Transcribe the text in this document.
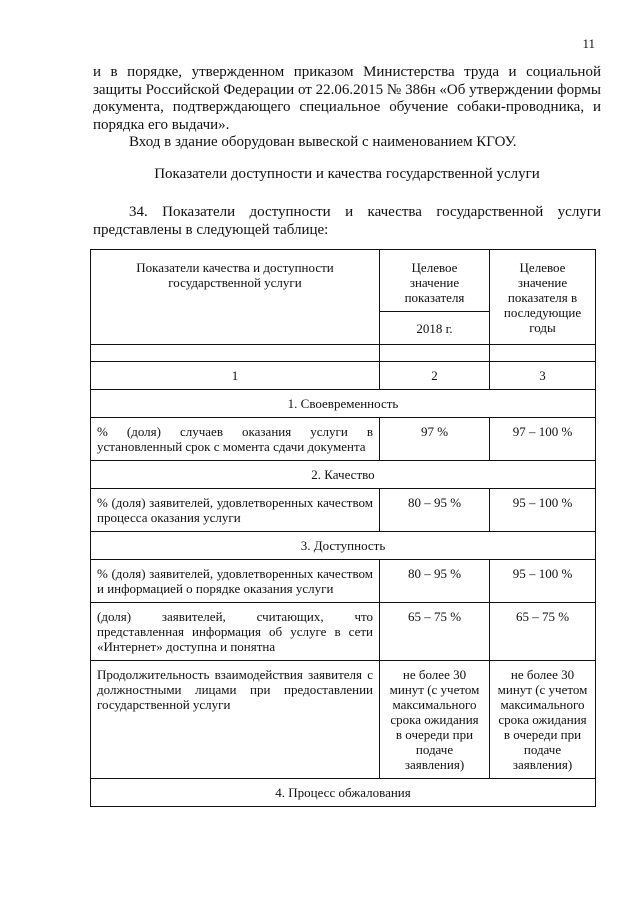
11

и в порядке, утвержденном приказом Министерства труда и социальной защиты Российской Федерации от 22.06.2015 № 386н «Об утверждении формы документа, подтверждающего специальное обучение собаки-проводника, и порядка его выдачи».

Вход в здание оборудован вывеской с наименованием КГОУ.

Показатели доступности и качества государственной услуги
34. Показатели доступности и качества государственной услуги представлены в следующей таблице:
Показатели качества и доступности государственной услуги	Целевое значение показателя	Целевое значение показателя в последующие годы
	2018 г.	

1	2	3
1. Своевременность		
% (доля) случаев оказания услуги в установленный срок с момента сдачи документа	97 %	97 – 100 %
2. Качество		
% (доля) заявителей, удовлетворенных качеством процесса оказания услуги	80 – 95 %	95 – 100 %
3. Доступность		
% (доля) заявителей, удовлетворенных качеством и информацией о порядке оказания услуги	80 – 95 %	95 – 100 %
(доля) заявителей, считающих, что представленная информация об услуге в сети «Интернет» доступна и понятна	65 – 75 %	65 – 75 %
Продолжительность взаимодействия заявителя с должностными лицами при предоставлении государственной услуги	не более 30 минут (с учетом максимального срока ожидания в очереди при подаче заявления)	не более 30 минут (с учетом максимального срока ожидания в очереди при подаче заявления)
4. Процесс обжалования		
